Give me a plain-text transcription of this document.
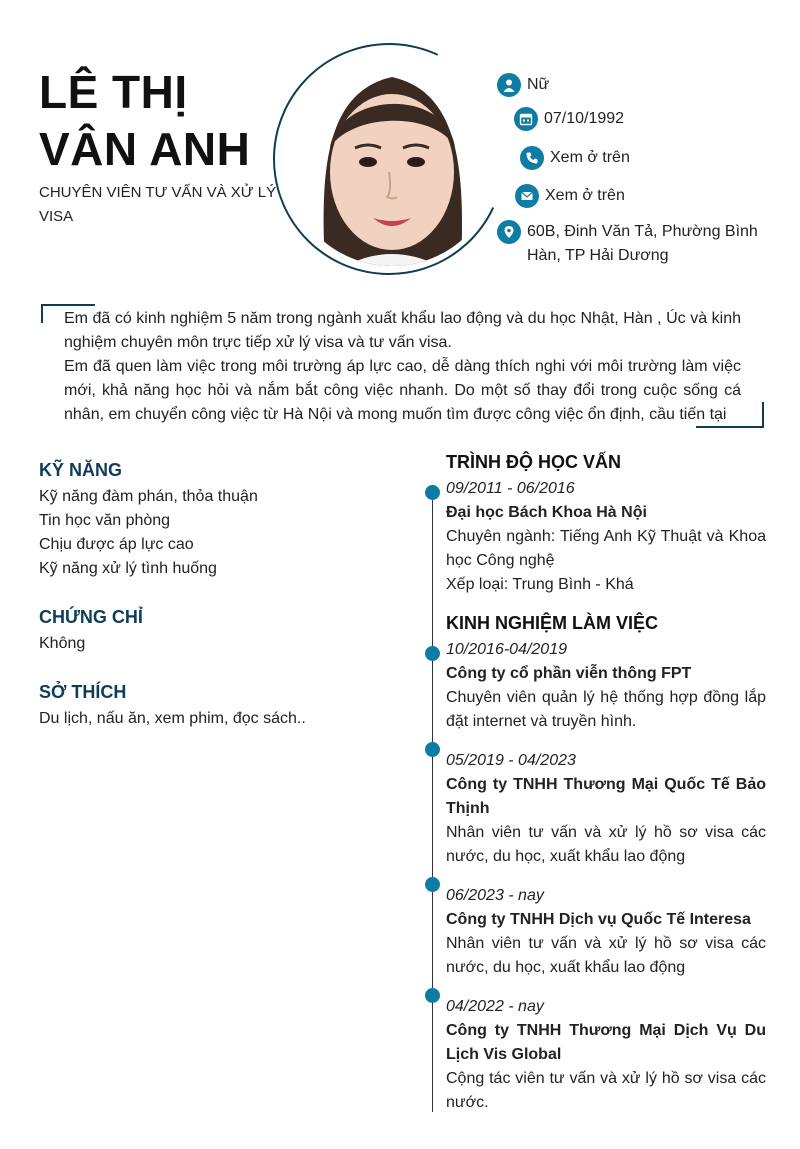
LÊ THỊ
VÂN ANH
CHUYÊN VIÊN TƯ VẤN VÀ XỬ LÝ VISA
Nữ
07/10/1992
Xem ở trên
Xem ở trên
60B, Đinh Văn Tả, Phường Bình Hàn, TP Hải Dương

Em đã có kinh nghiệm 5 năm trong ngành xuất khẩu lao động và du học Nhật, Hàn , Úc và kinh nghiệm chuyên môn trực tiếp xử lý visa và tư vấn visa.

Em đã quen làm việc trong môi trường áp lực cao, dễ dàng thích nghi với môi trường làm việc mới, khả năng học hỏi và nắm bắt công việc nhanh. Do một số thay đổi trong cuộc sống cá nhân, em chuyển công việc từ Hà Nội và mong muốn tìm được công việc ổn định, cầu tiến tại

KỸ NĂNG
Kỹ năng đàm phán, thỏa thuận
Tin học văn phòng
Chịu được áp lực cao
Kỹ năng xử lý tình huống
CHỨNG CHỈ
Không
SỞ THÍCH
Du lịch, nấu ăn, xem phim, đọc sách..
TRÌNH ĐỘ HỌC VẤN
09/2011 - 06/2016
Đại học Bách Khoa Hà Nội
Chuyên ngành: Tiếng Anh Kỹ Thuật và Khoa học Công nghệ
Xếp loại: Trung Bình - Khá
KINH NGHIỆM LÀM VIỆC
10/2016-04/2019
Công ty cổ phần viễn thông FPT
Chuyên viên quản lý hệ thống hợp đồng lắp đặt internet và truyền hình.
05/2019 - 04/2023
Công ty TNHH Thương Mại Quốc Tế Bảo Thịnh
Nhân viên tư vấn và xử lý hồ sơ visa các nước, du học, xuất khẩu lao động
06/2023 - nay
Công ty TNHH Dịch vụ Quốc Tế Interesa
Nhân viên tư vấn và xử lý hồ sơ visa các nước, du học, xuất khẩu lao động
04/2022 - nay
Công ty TNHH Thương Mại Dịch Vụ Du Lịch Vis Global
Cộng tác viên tư vấn và xử lý hồ sơ visa các nước.
